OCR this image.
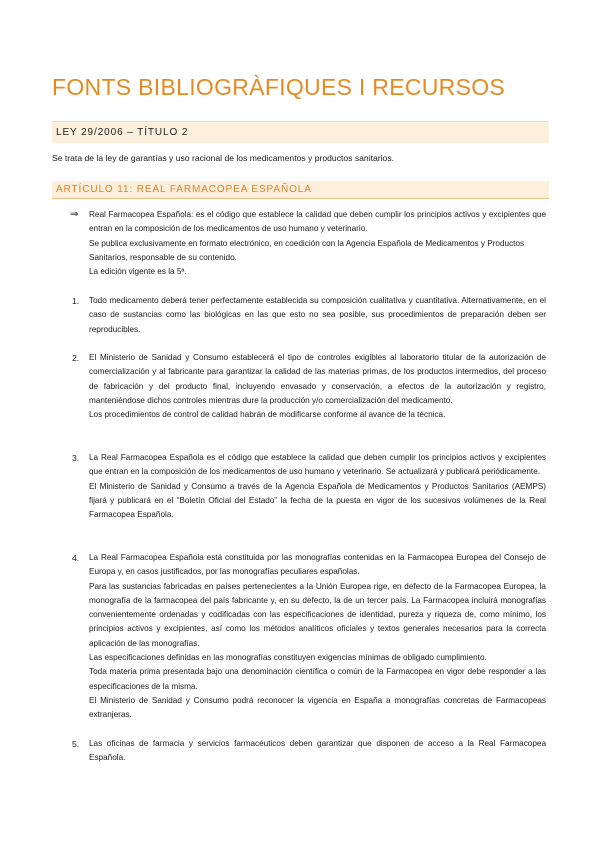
FONTS BIBLIOGRÀFIQUES I RECURSOS
LEY 29/2006 – TÍTULO 2
Se trata de la ley de garantías y uso racional de los medicamentos y productos sanitarios.
ARTÍCULO 11: REAL FARMACOPEA ESPAÑOLA
⇒ Real Farmacopea Española: es el código que establece la calidad que deben cumplir los principios activos y excipientes que entran en la composición de los medicamentos de uso humano y veterinario.

Se publica exclusivamente en formato electrónico, en coedición con la Agencia Española de Medicamentos y Productos Sanitarios, responsable de su contenido.

La edición vigente es la 5ª.

1. Todo medicamento deberá tener perfectamente establecida su composición cualitativa y cuantitativa. Alternativamente, en el caso de sustancias como las biológicas en las que esto no sea posible, sus procedimientos de preparación deben ser reproducibles.

2. El Ministerio de Sanidad y Consumo establecerá el tipo de controles exigibles al laboratorio titular de la autorización de comercialización y al fabricante para garantizar la calidad de las materias primas, de los productos intermedios, del proceso de fabricación y del producto final, incluyendo envasado y conservación, a efectos de la autorización y registro, manteniéndose dichos controles mientras dure la producción y/o comercialización del medicamento.

Los procedimientos de control de calidad habrán de modificarse conforme al avance de la técnica.

3. La Real Farmacopea Española es el código que establece la calidad que deben cumplir los principios activos y excipientes que entran en la composición de los medicamentos de uso humano y veterinario. Se actualizará y publicará periódicamente.

El Ministerio de Sanidad y Consumo a través de la Agencia Española de Medicamentos y Productos Sanitarios (AEMPS) fijará y publicará en el “Boletín Oficial del Estado” la fecha de la puesta en vigor de los sucesivos volúmenes de la Real Farmacopea Española.

4. La Real Farmacopea Española está constituida por las monografías contenidas en la Farmacopea Europea del Consejo de Europa y, en casos justificados, por las monografías peculiares españolas.

Para las sustancias fabricadas en países pertenecientes a la Unión Europea rige, en defecto de la Farmacopea Europea, la monografía de la farmacopea del país fabricante y, en su defecto, la de un tercer país. La Farmacopea incluirá monografías convenientemente ordenadas y codificadas con las especificaciones de identidad, pureza y riqueza de, como mínimo, los principios activos y excipientes, así como los métodos analíticos oficiales y textos generales necesarios para la correcta aplicación de las monografías.

Las especificaciones definidas en las monografías constituyen exigencias mínimas de obligado cumplimiento.

Toda materia prima presentada bajo una denominación científica o común de la Farmacopea en vigor debe responder a las especificaciones de la misma.

El Ministerio de Sanidad y Consumo podrá reconocer la vigencia en España a monografías concretas de Farmacopeas extranjeras.

5. Las oficinas de farmacia y servicios farmacéuticos deben garantizar que disponen de acceso a la Real Farmacopea Española.
